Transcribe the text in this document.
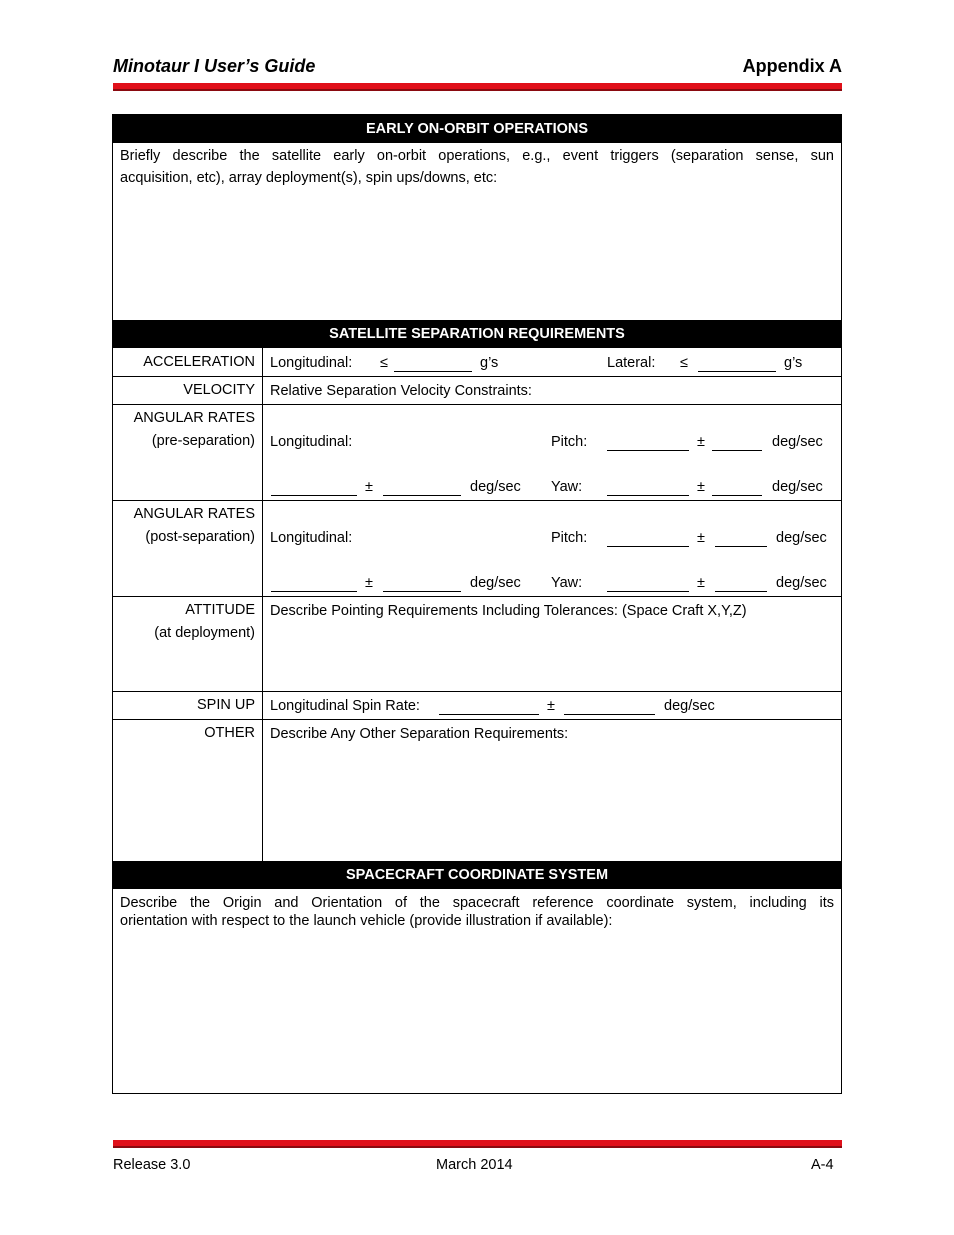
Minotaur I User’s Guide	Appendix A
EARLY ON-ORBIT OPERATIONS
Briefly describe the satellite early on-orbit operations, e.g., event triggers (separation sense, sun
acquisition, etc), array deployment(s), spin ups/downs, etc:
SATELLITE SEPARATION REQUIREMENTS
ACCELERATION Longitudinal: ≤	g’s	Lateral: ≤	g’s
VELOCITY Relative Separation Velocity Constraints:
ANGULAR RATES
(pre-separation) Longitudinal:	Pitch:	±	deg/sec
±	deg/sec Yaw:	±	deg/sec
ANGULAR RATES
(post-separation) Longitudinal:	Pitch:	±	deg/sec
±	deg/sec Yaw:	±	deg/sec
ATTITUDE
(at deployment)
Describe Pointing Requirements Including Tolerances: (Space Craft X,Y,Z)
SPIN UP Longitudinal Spin Rate:	±	deg/sec
OTHER Describe Any Other Separation Requirements:
SPACECRAFT COORDINATE SYSTEM
Describe the Origin and Orientation of the spacecraft reference coordinate system, including its
orientation with respect to the launch vehicle (provide illustration if available):
Release 3.0	March 2014	A-4
